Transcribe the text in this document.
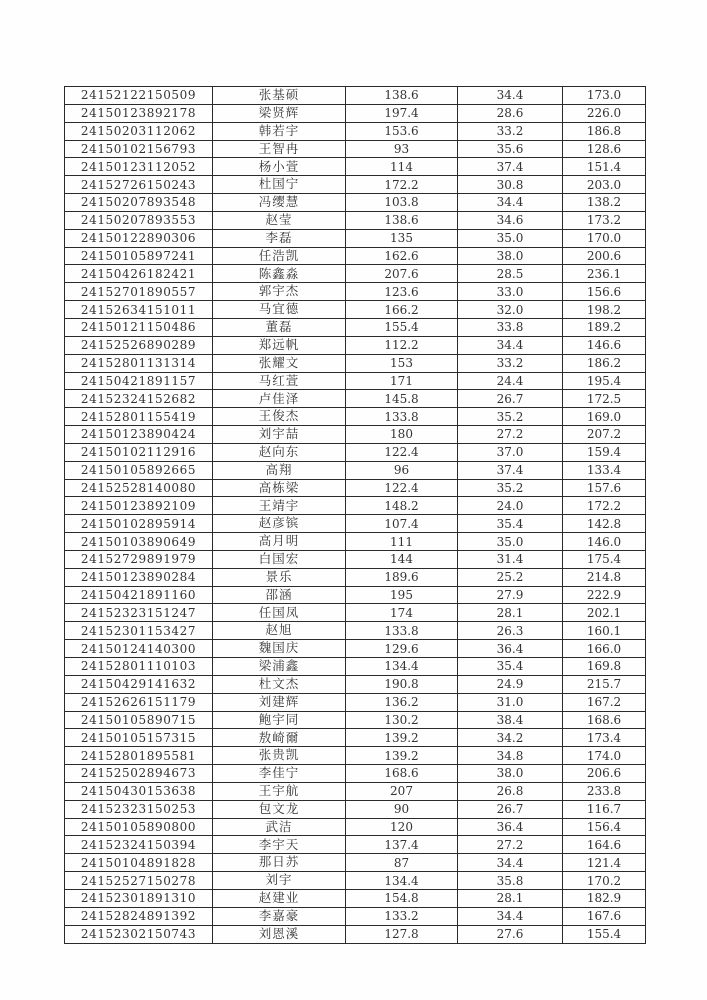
24152122150509	张基硕	138.6	34.4	173.0
24150123892178	梁贤辉	197.4	28.6	226.0
24150203112062	韩若宇	153.6	33.2	186.8
24150102156793	王智冉	93	35.6	128.6
24150123112052	杨小萱	114	37.4	151.4
24152726150243	杜国宁	172.2	30.8	203.0
24150207893548	冯缨慧	103.8	34.4	138.2
24150207893553	赵莹	138.6	34.6	173.2
24150122890306	李磊	135	35.0	170.0
24150105897241	任浩凯	162.6	38.0	200.6
24150426182421	陈鑫淼	207.6	28.5	236.1
24152701890557	郭宇杰	123.6	33.0	156.6
24152634151011	马宜德	166.2	32.0	198.2
24150121150486	董磊	155.4	33.8	189.2
24152526890289	郑远帆	112.2	34.4	146.6
24152801131314	张耀文	153	33.2	186.2
24150421891157	马红萱	171	24.4	195.4
24152324152682	卢佳泽	145.8	26.7	172.5
24152801155419	王俊杰	133.8	35.2	169.0
24150123890424	刘宇喆	180	27.2	207.2
24150102112916	赵向东	122.4	37.0	159.4
24150105892665	高翔	96	37.4	133.4
24152528140080	高栋梁	122.4	35.2	157.6
24150123892109	王靖宇	148.2	24.0	172.2
24150102895914	赵彦镔	107.4	35.4	142.8
24150103890649	高月明	111	35.0	146.0
24152729891979	白国宏	144	31.4	175.4
24150123890284	景乐	189.6	25.2	214.8
24150421891160	邵涵	195	27.9	222.9
24152323151247	任国凤	174	28.1	202.1
24152301153427	赵旭	133.8	26.3	160.1
24150124140300	魏国庆	129.6	36.4	166.0
24152801110103	梁浦鑫	134.4	35.4	169.8
24150429141632	杜文杰	190.8	24.9	215.7
24152626151179	刘建辉	136.2	31.0	167.2
24150105890715	鲍宇同	130.2	38.4	168.6
24150105157315	敖崎爾	139.2	34.2	173.4
24152801895581	张贵凯	139.2	34.8	174.0
24152502894673	李佳宁	168.6	38.0	206.6
24150430153638	王宇航	207	26.8	233.8
24152323150253	包文龙	90	26.7	116.7
24150105890800	武洁	120	36.4	156.4
24152324150394	李宇天	137.4	27.2	164.6
24150104891828	那日苏	87	34.4	121.4
24152527150278	刘宇	134.4	35.8	170.2
24152301891310	赵建业	154.8	28.1	182.9
24152824891392	李嘉豪	133.2	34.4	167.6
24152302150743	刘恩溪	127.8	27.6	155.4
